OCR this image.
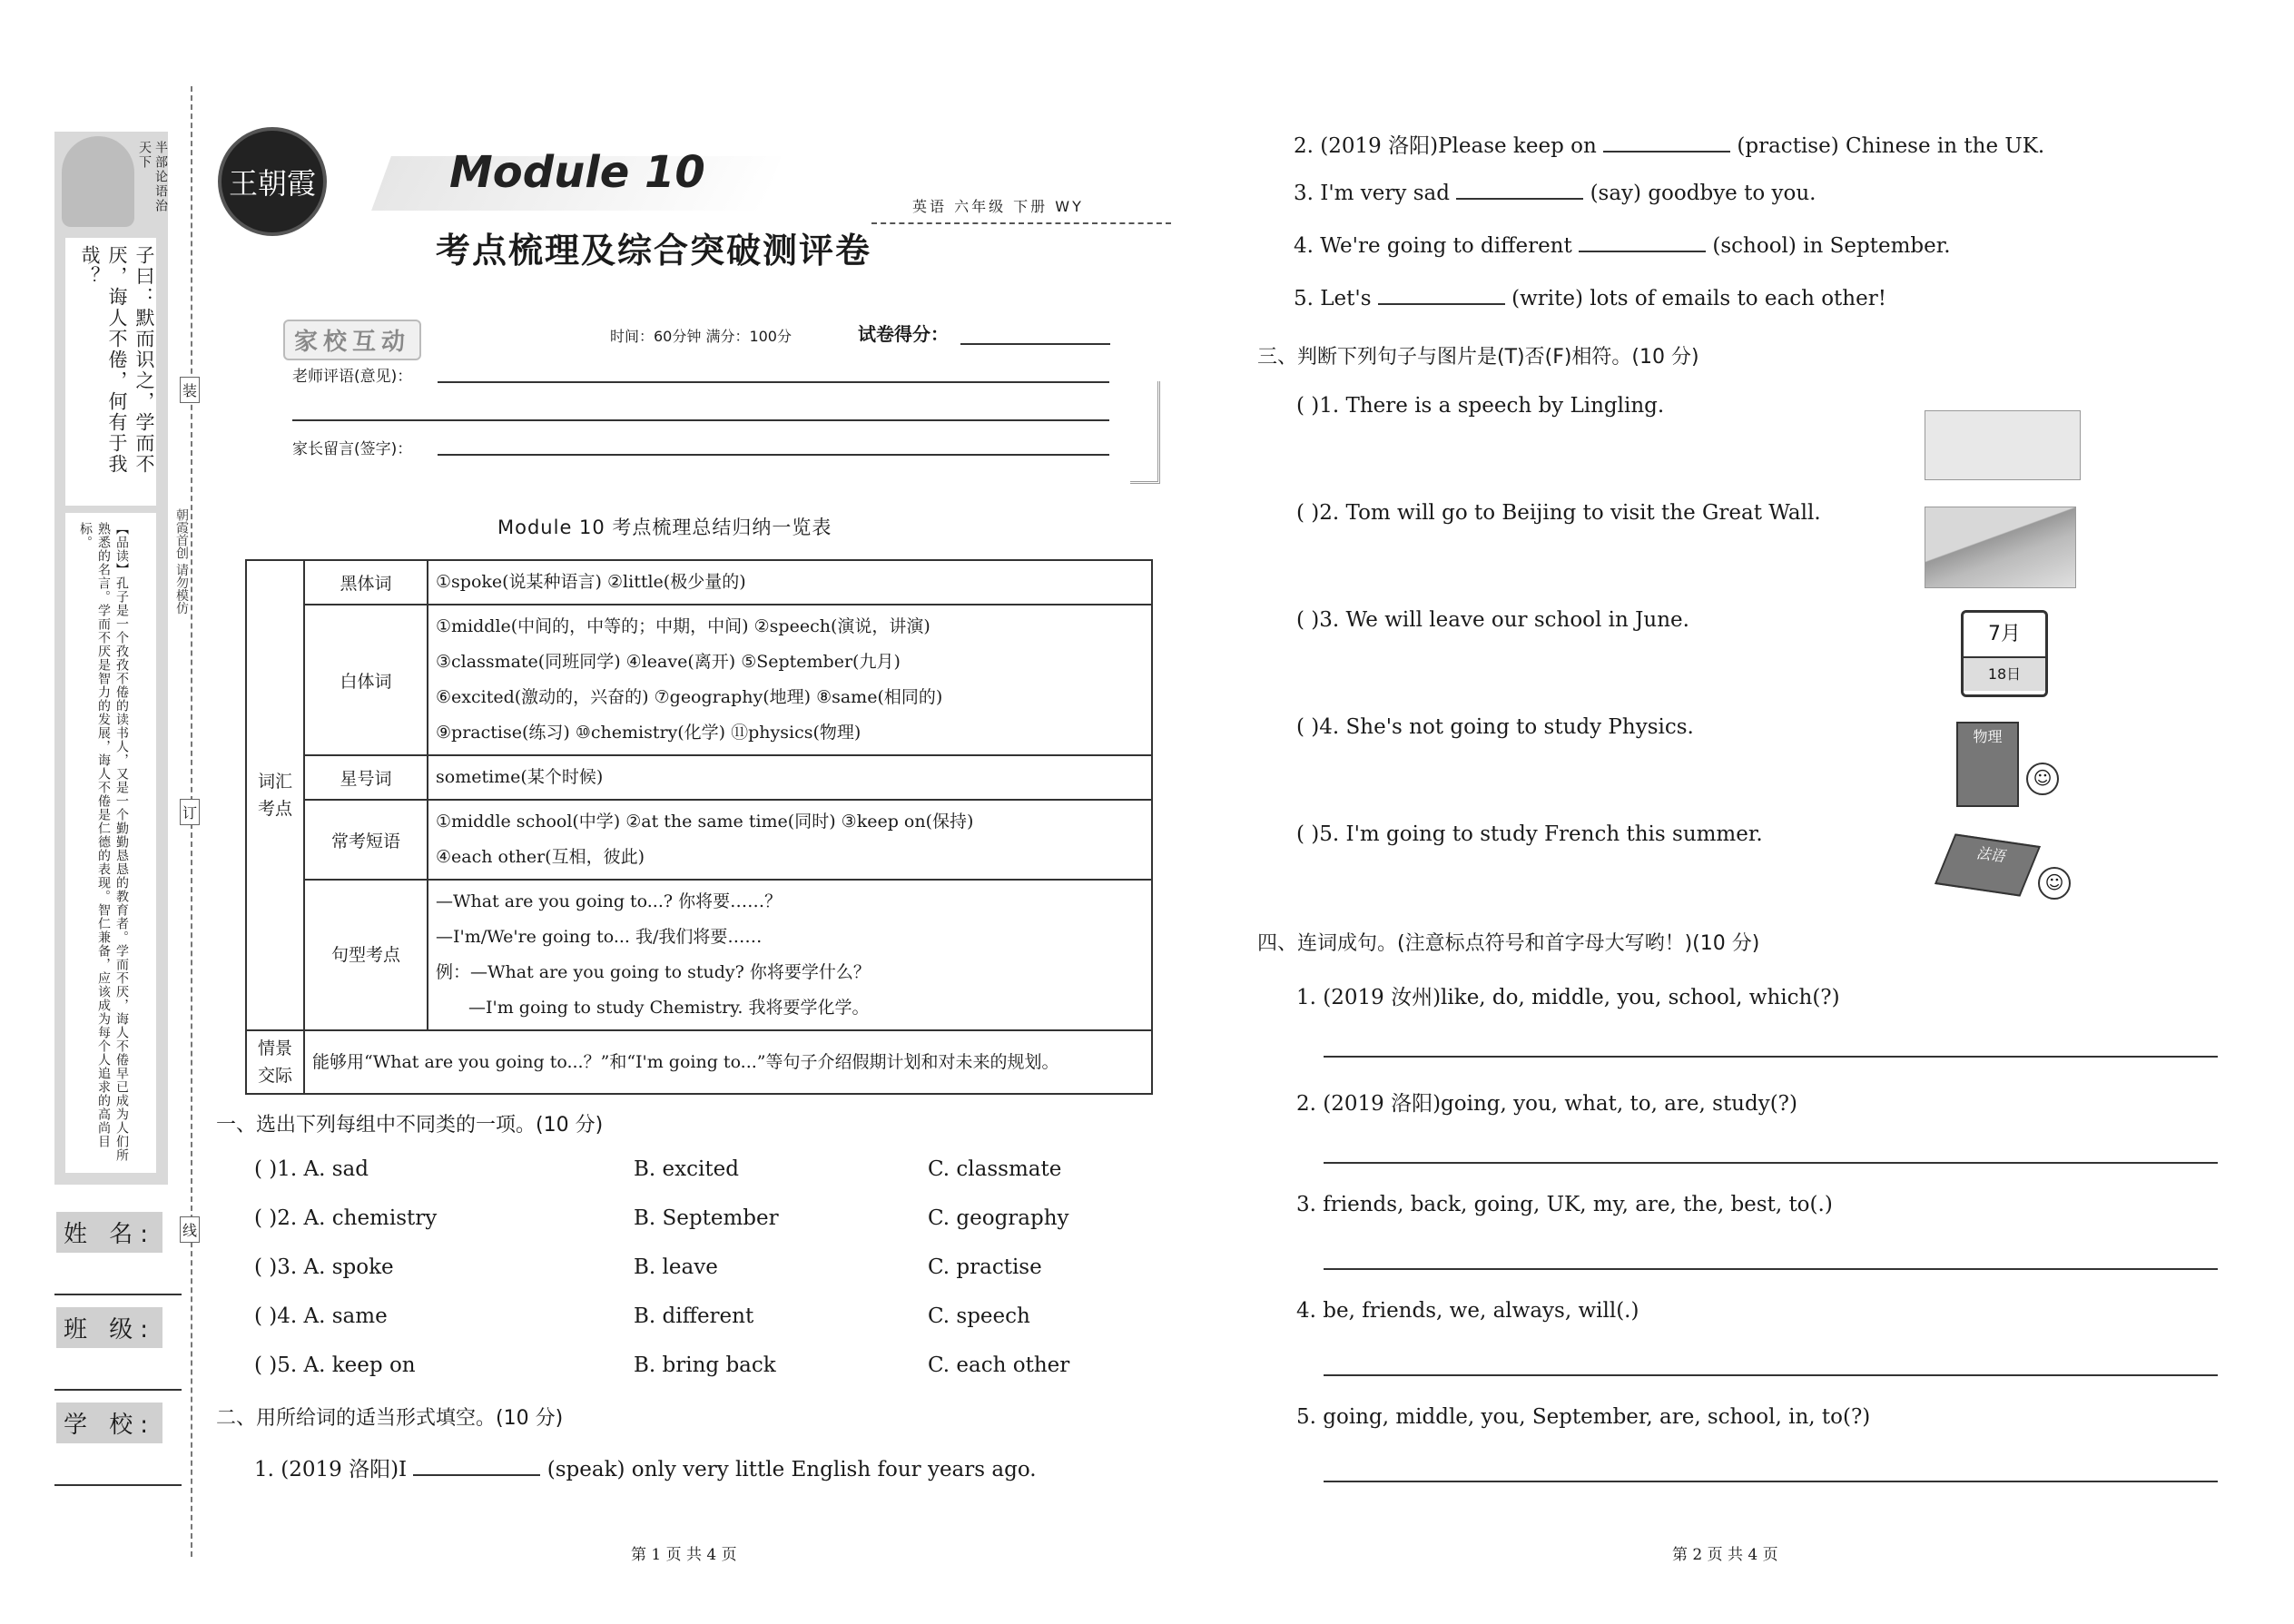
半部论语治天下
子曰：默而识之，学而不厌，诲人不倦，何有于我哉？
【品读】孔子是一个孜孜不倦的读书人，又是一个勤勤恳恳的教育者。学而不厌，诲人不倦早已成为人们所熟悉的名言。学而不厌是智力的发展，诲人不倦是仁德的表现。智仁兼备，应该成为每个人追求的高尚目标。
姓 名:
班 级:
学 校:
装
订
线
朝霞首创 请勿模仿
王朝霞	Module 10
考点梳理及综合突破测评卷
英语 六年级 下册 WY
家校互动	时间：60分钟 满分：100分	试卷得分：
老师评语(意见)：
家长留言(签字)：
Module 10 考点梳理总结归纳一览表
词汇考点	黑体词	①spoke(说某种语言) ②little(极少量的)
	白体词	①middle(中间的，中等的；中期，中间) ②speech(演说，讲演)
③classmate(同班同学) ④leave(离开) ⑤September(九月)
⑥excited(激动的，兴奋的) ⑦geography(地理) ⑧same(相同的)
⑨practise(练习) ⑩chemistry(化学) ⑪physics(物理)

	星号词	sometime(某个时候)
	常考短语	①middle school(中学) ②at the same time(同时) ③keep on(保持)
④each other(互相，彼此)

	句型考点	—What are you going to...? 你将要……？
—I'm/We're going to... 我/我们将要……
例：—What are you going to study? 你将要学什么？
—I'm going to study Chemistry. 我将要学化学。

情景交际	能够用“What are you going to...？”和“I'm going to...”等句子介绍假期计划和对未来的规划。	
一、选出下列每组中不同类的一项。(10 分)
( )1. A. sad	B. excited	C. classmate
( )2. A. chemistry	B. September	C. geography
( )3. A. spoke	B. leave	C. practise
( )4. A. same	B. different	C. speech
( )5. A. keep on	B. bring back	C. each other
二、用所给词的适当形式填空。(10 分)
1. (2019 洛阳)I	(speak) only very little English four years ago.
2. (2019 洛阳)Please keep on	(practise) Chinese in the UK.
3. I'm very sad	(say) goodbye to you.
4. We're going to different	(school) in September.
5. Let's	(write) lots of emails to each other!
三、判断下列句子与图片是(T)否(F)相符。(10 分)
( )1. There is a speech by Lingling.
( )2. Tom will go to Beijing to visit the Great Wall.
( )3. We will leave our school in June.
7月
18日
( )4. She's not going to study Physics.	物理
☺
( )5. I'm going to study French this summer.
法语
☺
四、连词成句。(注意标点符号和首字母大写哟！)(10 分)
1. (2019 汝州)like, do, middle, you, school, which(?)
2. (2019 洛阳)going, you, what, to, are, study(?)
3. friends, back, going, UK, my, are, the, best, to(.)
4. be, friends, we, always, will(.)
5. going, middle, you, September, are, school, in, to(?)
第 1 页 共 4 页	第 2 页 共 4 页
